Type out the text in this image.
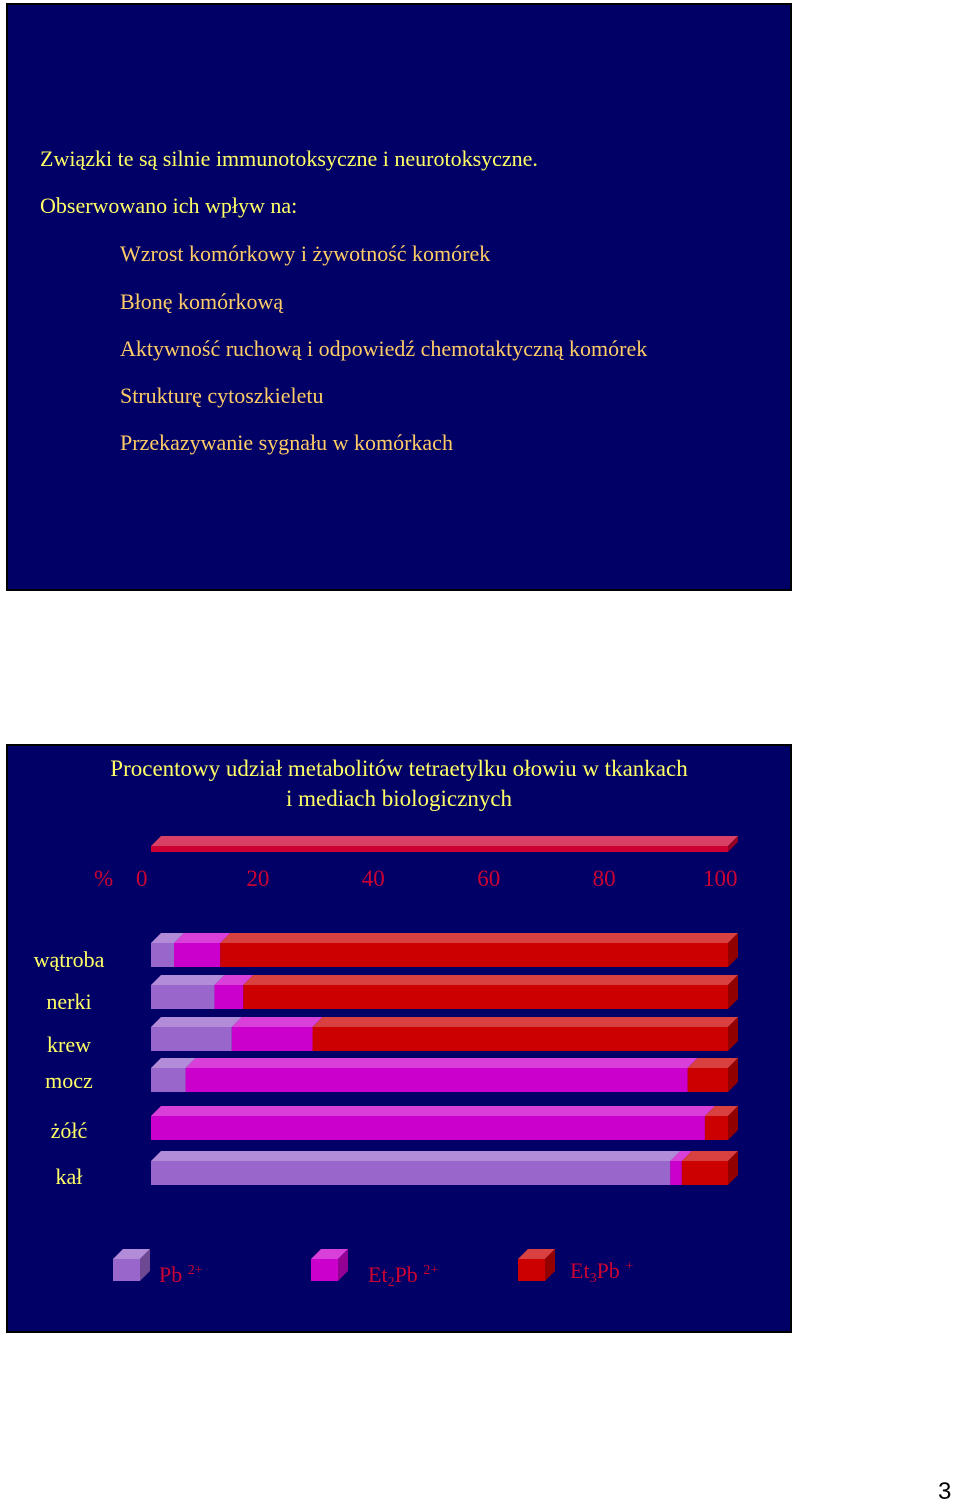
Związki te są silnie immunotoksyczne i neurotoksyczne.
Obserwowano ich wpływ na:
Wzrost komórkowy i żywotność komórek
Błonę komórkową
Aktywność ruchową i odpowiedź chemotaktyczną komórek
Strukturę cytoszkieletu
Przekazywanie sygnału w komórkach
Procentowy udział metabolitów tetraetylku ołowiu w tkankach
i mediach biologicznych
% 0	20	40	60	80	100
wątroba
nerki
krew
mocz
żółć
kał
Pb $^{2+}$	$Et_2Pb$ $^{2+}$	$Et_3Pb$ +
3
